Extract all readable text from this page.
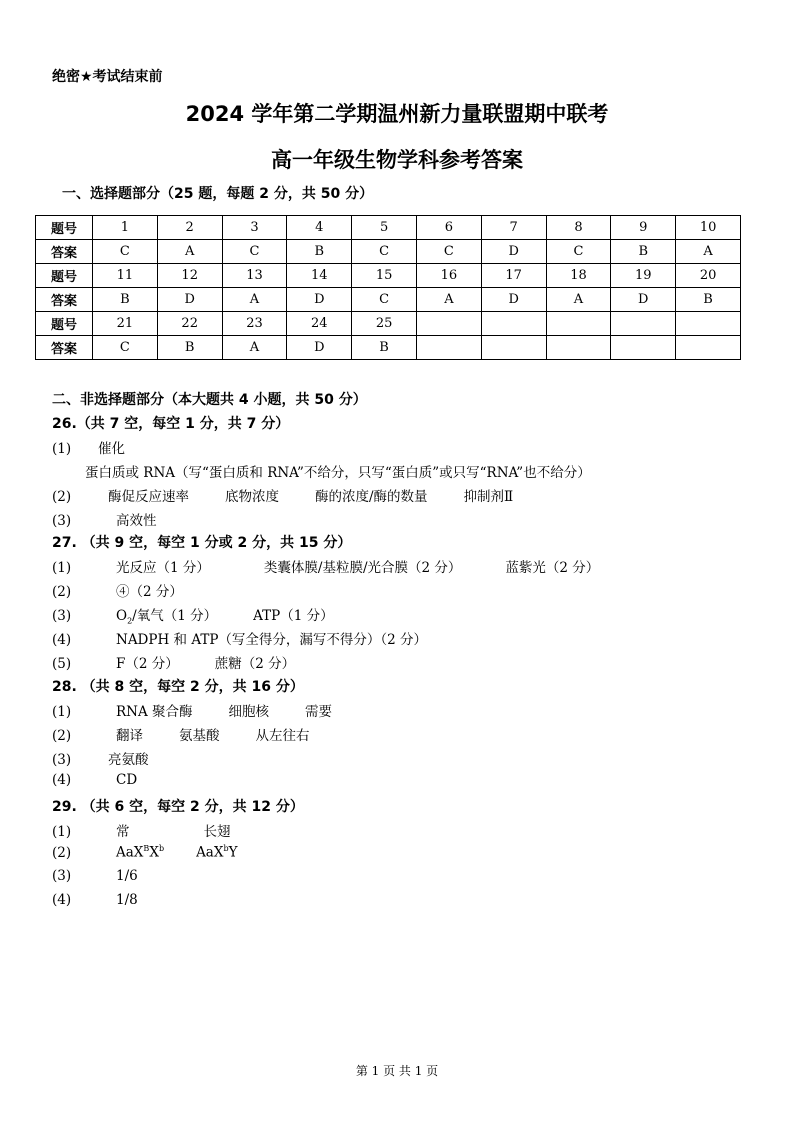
绝密★考试结束前
2024 学年第二学期温州新力量联盟期中联考
高一年级生物学科参考答案
一、选择题部分（25 题，每题 2 分，共 50 分）
题号	1	2	3	4	5	6	7	8	9	10
答案	C	A	C	B	C	C	D	C	B	A
题号	11	12	13	14	15	16	17	18	19	20
答案	B	D	A	D	C	A	D	A	D	B
题号	21	22	23	24	25					
答案	C	B	A	D	B					
二、非选择题部分（本大题共 4 小题，共 50 分）
26.（共 7 空，每空 1 分，共 7 分）
(1) 催化
蛋白质或 RNA（写“蛋白质和 RNA”不给分，只写“蛋白质”或只写“RNA”也不给分）
(2)	酶促反应速率	底物浓度	酶的浓度/酶的数量	抑制剂Ⅱ
(3)	高效性
27. （共 9 空，每空 1 分或 2 分，共 15 分）
(1)	光反应（1 分）	类囊体膜/基粒膜/光合膜（2 分）	蓝紫光（2 分）
(2)	④（2 分）
(3)	$O_2/$氧气（1 分）	ATP（1 分）
(4)	NADPH 和 ATP（写全得分，漏写不得分）（2 分）
(5)	F（2 分）	蔗糖（2 分）
28. （共 8 空，每空 2 分，共 16 分）
(1)	RNA 聚合酶	细胞核	需要
(2)	翻译	氨基酸	从左往右
(3)	亮氨酸
(4)	CD
29. （共 6 空，每空 2 分，共 12 分）
(1)	常	长翅
(2)	$AaX^BX^b$ AaX$^b$Y
(3)	1/6
(4)	1/8
第 1 页 共 1 页
